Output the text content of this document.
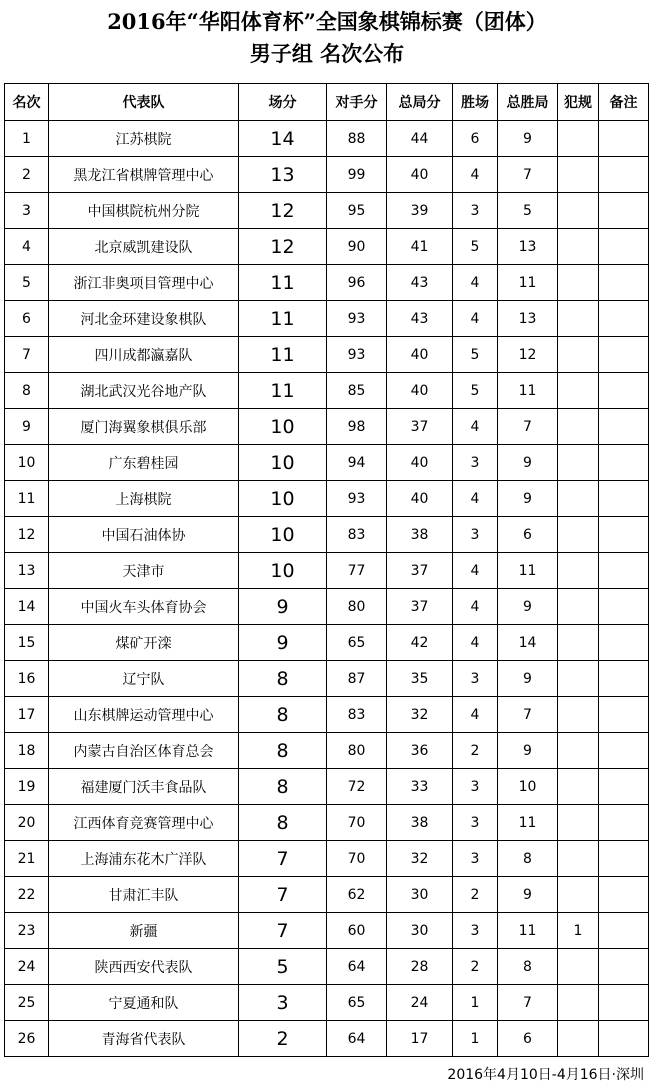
2016年“华阳体育杯”全国象棋锦标赛（团体）
男子组 名次公布
名次	代表队	场分	对手分	总局分	胜场	总胜局	犯规	备注
1	江苏棋院	14	88	44	6	9		
2	黑龙江省棋牌管理中心	13	99	40	4	7		
3	中国棋院杭州分院	12	95	39	3	5		
4	北京威凯建设队	12	90	41	5	13		
5	浙江非奥项目管理中心	11	96	43	4	11		
6	河北金环建设象棋队	11	93	43	4	13		
7	四川成都瀛嘉队	11	93	40	5	12		
8	湖北武汉光谷地产队	11	85	40	5	11		
9	厦门海翼象棋俱乐部	10	98	37	4	7		
10	广东碧桂园	10	94	40	3	9		
11	上海棋院	10	93	40	4	9		
12	中国石油体协	10	83	38	3	6		
13	天津市	10	77	37	4	11		
14	中国火车头体育协会	9	80	37	4	9		
15	煤矿开滦	9	65	42	4	14		
16	辽宁队	8	87	35	3	9		
17	山东棋牌运动管理中心	8	83	32	4	7		
18	内蒙古自治区体育总会	8	80	36	2	9		
19	福建厦门沃丰食品队	8	72	33	3	10		
20	江西体育竞赛管理中心	8	70	38	3	11		
21	上海浦东花木广洋队	7	70	32	3	8		
22	甘肃汇丰队	7	62	30	2	9		
23	新疆	7	60	30	3	11	1	
24	陕西西安代表队	5	64	28	2	8		
25	宁夏通和队	3	65	24	1	7		
26	青海省代表队	2	64	17	1	6		
2016年4月10日-4月16日·深圳
